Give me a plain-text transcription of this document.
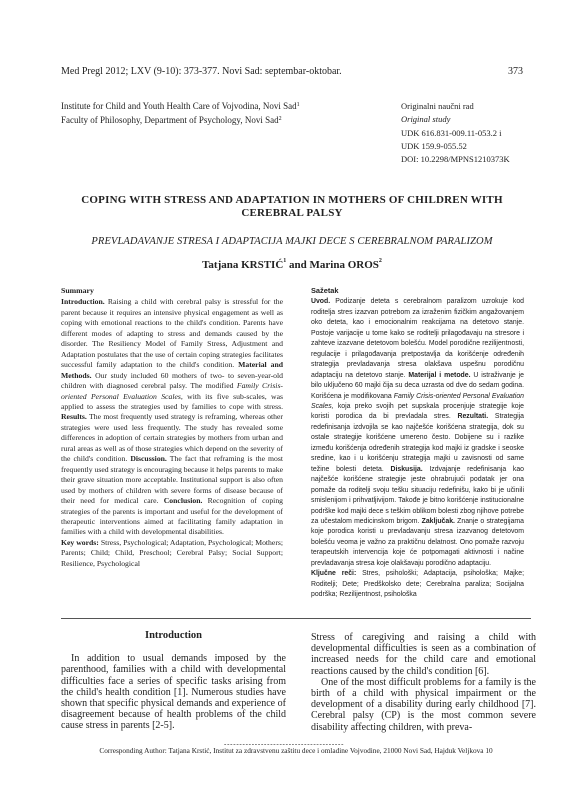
Med Pregl 2012; LXV (9-10): 373-377. Novi Sad: septembar-oktobar.	373
Institute for Child and Youth Health Care of Vojvodina, Novi Sad$^1$
Faculty of Philosophy, Department of Psychology, Novi Sad$^2$
Originalni naučni rad
Original study
UDK 616.831-009.11-053.2 i
UDK 159.9-055.52
DOI: 10.2298/MPNS1210373K
COPING WITH STRESS AND ADAPTATION IN MOTHERS OF CHILDREN WITH CEREBRAL PALSY
PREVLADAVANJE STRESA I ADAPTACIJA MAJKI DECE S CEREBRALNOM PARALIZOM
Tatjana KRSTIĆ$^1$ and Marina OROS$^2$
Summary

Introduction. Raising a child with cerebral palsy is stressful for the parent because it requires an intensive physical engagement as well as coping with emotional reactions to the child's condition. Parents have different modes of adapting to stress and demands caused by the disorder. The Resiliency Model of Family Stress, Adjustment and Adaptation postulates that the use of certain coping strategies facilitates successful family adaptation to the child's condition. Material and Methods. Our study included 60 mothers of two- to seven-year-old children with diagnosed cerebral palsy. The modified Family Crisis-oriented Personal Evaluation Scales, with its five sub-scales, was applied to assess the strategies used by families to cope with stress. Results. The most frequently used strategy is reframing, whereas other strategies were used less frequently. The study has revealed some differences in adoption of certain strategies by mothers from urban and rural areas as well as of those strategies which depend on the severity of the child's condition. Discussion. The fact that reframing is the most frequently used strategy is encouraging because it helps parents to make their grave situation more acceptable. Institutional support is also often used by mothers of children with severe forms of disease because of their need for medical care. Conclusion. Recognition of coping strategies of the parents is important and useful for the development of therapeutic interventions aimed at facilitating family adaptation in families with a child with developmental disabilities.

Key words: Stress, Psychological; Adaptation, Psychological; Mothers; Parents; Child; Child, Preschool; Cerebral Palsy; Social Support; Resilience, Psychological

Sažetak

Uvod. Podizanje deteta s cerebralnom paralizom uzrokuje kod roditelja stres izazvan potrebom za izraženim fizičkim angažovanjem oko deteta, kao i emocionalnim reakcijama na detetovo stanje. Postoje varijacije u tome kako se roditelji prilagođavaju na stresore i zahteve izazvane detetovom bolešću. Model porodične rezilijentnosti, regulacije i prilagođavanja pretpostavlja da korišćenje određenih strategija prevladavanja stresa olakšava uspešnu porodičnu adaptaciju na detetovo stanje. Materijal i metode. U istraživanje je bilo uključeno 60 majki čija su deca uzrasta od dve do sedam godina. Korišćena je modifikovana Family Crisis-oriented Personal Evaluation Scales, koja preko svojih pet supskala procenjuje strategije koje koristi porodica da bi prevladala stres. Rezultati. Strategija redefinisanja izdvojila se kao najčešće korišćena strategija, dok su ostale strategije korišćene umereno često. Dobijene su i razlike između korišćenja određenih strategija kod majki iz gradske i seoske sredine, kao i u korišćenju strategija majki u zavisnosti od same težine bolesti deteta. Diskusija. Izdvajanje redefinisanja kao najčešće korišćene strategije jeste ohrabrujući podatak jer ona pomaže da roditelji svoju tešku situaciju redefinišu, kako bi je učinili smislenijom i prihvatljivijom. Takođe je bitno korišćenje institucionalne podrške kod majki dece s teškim oblikom bolesti zbog njihove potrebe za učestalom medicinskom brigom. Zaključak. Znanje o strategijama koje porodica koristi u prevladavanju stresa izazvanog detetovom bolešću veoma je važno za praktičnu delatnost. Ono pomaže razvoju terapeutskih intervencija koje će potpomagati aktivnosti i načine prevladavanja stresa koje olakšavaju porodično adaptaciju.

Ključne reči: Stres, psihološki; Adaptacija, psihološka; Majke; Roditelji; Dete; Predškolsko dete; Cerebralna paraliza; Socijalna podrška; Rezilijentnost, psihološka

Introduction

In addition to usual demands imposed by the parenthood, families with a child with developmental difficulties face a series of specific tasks arising from the child's health condition [1]. Numerous studies have shown that specific physical demands and experience of disagreement because of health problems of the child cause stress in parents [2-5].

Stress of caregiving and raising a child with developmental difficulties is seen as a combination of increased needs for the child care and emotional reactions caused by the child's condition [6].

One of the most difficult problems for a family is the birth of a child with physical impairment or the development of a disability during early childhood [7]. Cerebral palsy (CP) is the most common severe disability affecting children, with preva-

- - - - - - - - - - - - - - - - - - - - - - - - - - - - - - - - - - - - - - -
Corresponding Author: Tatjana Krstić, Institut za zdravstvenu zaštitu dece i omladine Vojvodine, 21000 Novi Sad, Hajduk Veljkova 10
